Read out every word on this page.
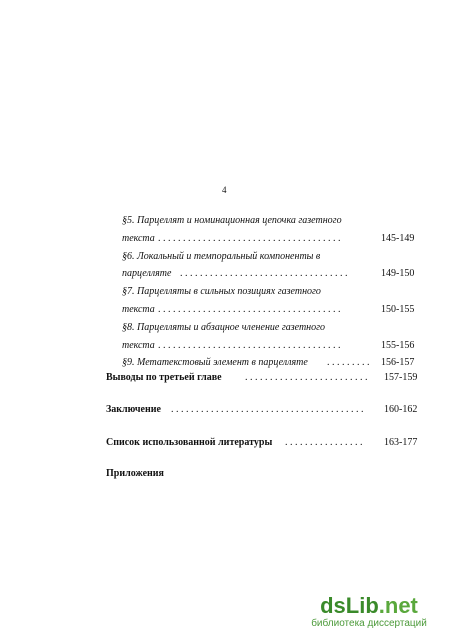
4
§5. Парцеллят и номинационная цепочка газетного
текста . . . . . . . . . . . . . . . . . . . . . . . . . . . . . . . . . . . . .	145-149
§6. Локальный и темпоральный компоненты в
парцелляте . . . . . . . . . . . . . . . . . . . . . . . . . . . . . . . . . .	149-150
§7. Парцелляты в сильных позициях газетного
текста . . . . . . . . . . . . . . . . . . . . . . . . . . . . . . . . . . . . .	150-155
§8. Парцелляты и абзацное членение газетного
текста . . . . . . . . . . . . . . . . . . . . . . . . . . . . . . . . . . . . .	155-156
§9. Метатекстовый элемент в парцелляте . . . . . . . . . 156-157
Выводы по третьей главе . . . . . . . . . . . . . . . . . . . . . . . . . 157-159
Заключение . . . . . . . . . . . . . . . . . . . . . . . . . . . . . . . . . . . . . . . 160-162
Список использованной литературы . . . . . . . . . . . . . . . . 163-177
Приложения
dsLib.net
библиотека диссертаций
